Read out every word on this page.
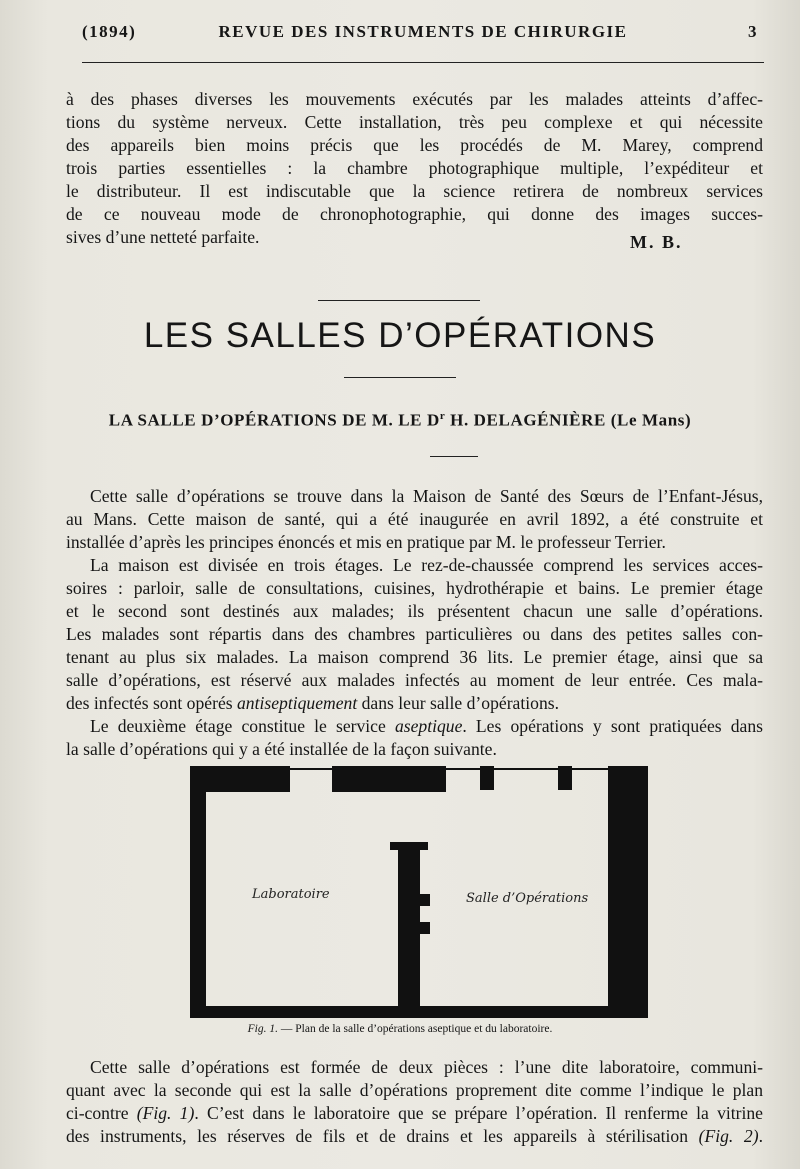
(1894)	REVUE DES INSTRUMENTS DE CHIRURGIE	3
à des phases diverses les mouvements exécutés par les malades atteints d’affec-
tions du système nerveux. Cette installation, très peu complexe et qui nécessite
des appareils bien moins précis que les procédés de M. Marey, comprend
trois parties essentielles : la chambre photographique multiple, l’expéditeur et
le distributeur. Il est indiscutable que la science retirera de nombreux services
de ce nouveau mode de chronophotographie, qui donne des images succes-
sives d’une netteté parfaite.	M. B.
LES SALLES D’OPÉRATIONS
LA SALLE D’OPÉRATIONS DE M. LE $D^r$ H. DELAGÉNIÈRE (Le Mans)
Cette salle d’opérations se trouve dans la Maison de Santé des Sœurs de l’Enfant-Jésus,
au Mans. Cette maison de santé, qui a été inaugurée en avril 1892, a été construite et
installée d’après les principes énoncés et mis en pratique par M. le professeur Terrier.
La maison est divisée en trois étages. Le rez-de-chaussée comprend les services acces-
soires : parloir, salle de consultations, cuisines, hydrothérapie et bains. Le premier étage
et le second sont destinés aux malades; ils présentent chacun une salle d’opérations.
Les malades sont répartis dans des chambres particulières ou dans des petites salles con-
tenant au plus six malades. La maison comprend 36 lits. Le premier étage, ainsi que sa
salle d’opérations, est réservé aux malades infectés au moment de leur entrée. Ces mala-
des infectés sont opérés antiseptiquement dans leur salle d’opérations.
Le deuxième étage constitue le service aseptique. Les opérations y sont pratiquées dans
la salle d’opérations qui y a été installée de la façon suivante.
Laboratoire	Salle d’Opérations
Fig. 1. — Plan de la salle d’opérations aseptique et du laboratoire.
Cette salle d’opérations est formée de deux pièces : l’une dite laboratoire, communi-
quant avec la seconde qui est la salle d’opérations proprement dite comme l’indique le plan
ci-contre (Fig. 1). C’est dans le laboratoire que se prépare l’opération. Il renferme la vitrine
des instruments, les réserves de fils et de drains et les appareils à stérilisation (Fig. 2).
